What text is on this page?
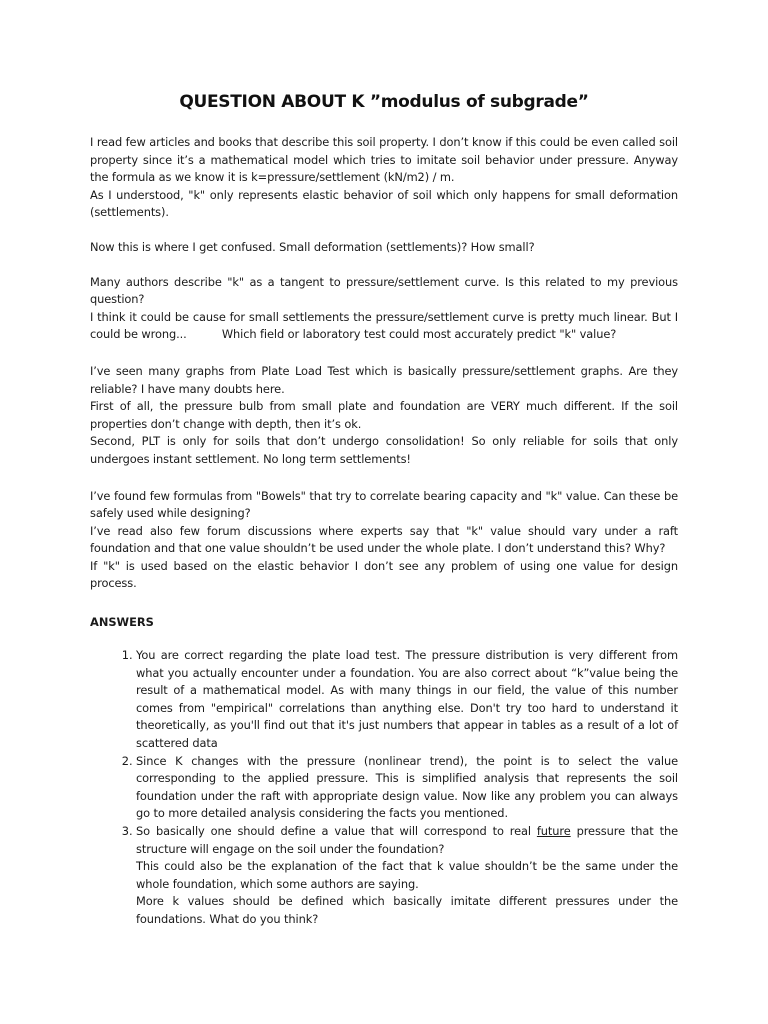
QUESTION ABOUT K ”modulus of subgrade”
I read few articles and books that describe this soil property. I don’t know if this could be even called soil property since it’s a mathematical model which tries to imitate soil behavior under pressure. Anyway the formula as we know it is k=pressure/settlement (kN/m2) / m.
As I understood, "k" only represents elastic behavior of soil which only happens for small deformation (settlements).
Now this is where I get confused. Small deformation (settlements)? How small?
Many authors describe "k" as a tangent to pressure/settlement curve. Is this related to my previous question?
I think it could be cause for small settlements the pressure/settlement curve is pretty much linear. But I could be wrong...          Which field or laboratory test could most accurately predict "k" value?
I’ve seen many graphs from Plate Load Test which is basically pressure/settlement graphs. Are they reliable? I have many doubts here.
First of all, the pressure bulb from small plate and foundation are VERY much different. If the soil properties don’t change with depth, then it’s ok.
Second, PLT is only for soils that don’t undergo consolidation! So only reliable for soils that only undergoes instant settlement. No long term settlements!
I’ve found few formulas from "Bowels" that try to correlate bearing capacity and "k" value. Can these be safely used while designing?
I’ve read also few forum discussions where experts say that "k" value should vary under a raft foundation and that one value shouldn’t be used under the whole plate. I don’t understand this? Why?
If "k" is used based on the elastic behavior I don’t see any problem of using one value for design process.
ANSWERS
1. You are correct regarding the plate load test. The pressure distribution is very different from what you actually encounter under a foundation. You are also correct about “k”value being the result of a mathematical model. As with many things in our field, the value of this number comes from "empirical" correlations than anything else. Don't try too hard to understand it theoretically, as you'll find out that it's just numbers that appear in tables as a result of a lot of scattered data
2. Since K changes with the pressure (nonlinear trend), the point is to select the value corresponding to the applied pressure. This is simplified analysis that represents the soil foundation under the raft with appropriate design value. Now like any problem you can always go to more detailed analysis considering the facts you mentioned.
3. So basically one should define a value that will correspond to real future pressure that the structure will engage on the soil under the foundation?
This could also be the explanation of the fact that k value shouldn’t be the same under the whole foundation, which some authors are saying.
More k values should be defined which basically imitate different pressures under the foundations. What do you think?
